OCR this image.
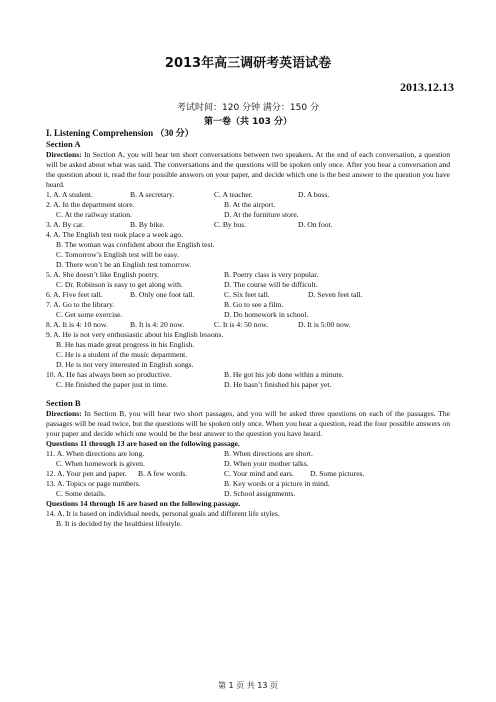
2013年高三调研考英语试卷
2013.12.13
考试时间：120 分钟 满分：150 分
第一卷（共 103 分）
I. Listening Comprehension （30 分）
Section A
Directions: In Section A, you will hear ten short conversations between two speakers. At the end of each conversation, a question will be asked about what was said. The conversations and the questions will be spoken only once. After you hear a conversation and the question about it, read the four possible answers on your paper, and decide which one is the best answer to the question you have heard.
1. A. A student.	B. A secretary.	C. A teacher.	D. A boss.
2. A. In the department store.	B. At the airport.
C. At the railway station.	D. At the furniture store.
3. A. By car.	B. By bike.	C. By bus.	D. On foot.
4. A. The English test took place a week ago.
B. The woman was confident about the English test.
C. Tomorrow’s English test will be easy.
D. There won’t be an English test tomorrow.
5. A. She doesn’t like English poetry.	B. Poetry class is very popular.
C. Dr. Robinson is easy to get along with.	D. The course will be difficult.
6. A. Five feet tall.	B. Only one foot tall.	C. Six feet tall.	D. Seven feet tall.
7. A. Go to the library.	B. Go to see a film.
C. Get some exercise.	D. Do homework in school.
8. A. It is 4: 10 now.	B. It is 4: 20 now.	C. It is 4: 50 now.	D. It is 5:00 now.
9. A. He is not very enthusiastic about his English lessons.
B. He has made great progress in his English.
C. He is a student of the music department.
D. He is not very interested in English songs.
10. A. He has always been so productive.	B. He got his job done within a minute.
C. He finished the paper just in time.	D. He hasn’t finished his paper yet.
Section B
Directions: In Section B, you will hear two short passages, and you will be asked three questions on each of the passages. The passages will be read twice, but the questions will be spoken only once. When you hear a question, read the four possible answers on your paper and decide which one would be the best answer to the question you have heard.
Questions 11 through 13 are based on the following passage.
11. A. When directions are long.	B. When directions are short.
C. When homework is given.	D. When your mother talks.
12. A. Your pen and paper.	B. A few words.	C. Your mind and ears.	D. Some pictures.
13. A. Topics or page numbers.	B. Key words or a picture in mind.
C. Some details.	D. School assignments.
Questions 14 through 16 are based on the following passage.
14. A. It is based on individual needs, personal goals and different life styles.
B. It is decided by the healthiest lifestyle.
第 1 页 共 13 页
